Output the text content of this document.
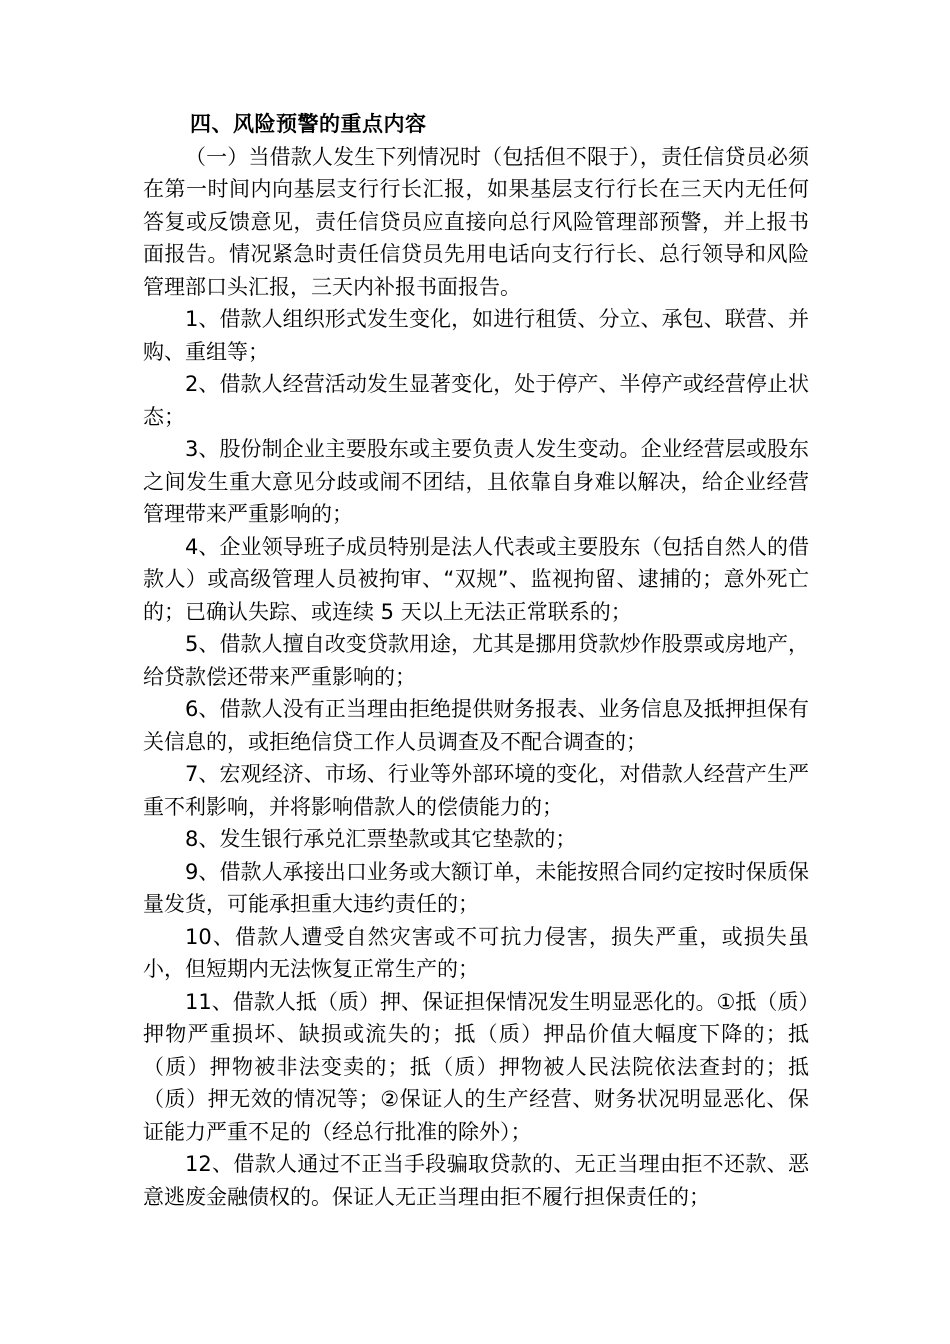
四、风险预警的重点内容

（一）当借款人发生下列情况时（包括但不限于），责任信贷员必须在第一时间内向基层支行行长汇报，如果基层支行行长在三天内无任何答复或反馈意见，责任信贷员应直接向总行风险管理部预警，并上报书面报告。情况紧急时责任信贷员先用电话向支行行长、总行领导和风险管理部口头汇报，三天内补报书面报告。

1、借款人组织形式发生变化，如进行租赁、分立、承包、联营、并购、重组等；

2、借款人经营活动发生显著变化，处于停产、半停产或经营停止状态；

3、股份制企业主要股东或主要负责人发生变动。企业经营层或股东之间发生重大意见分歧或闹不团结，且依靠自身难以解决，给企业经营管理带来严重影响的；

4、企业领导班子成员特别是法人代表或主要股东（包括自然人的借款人）或高级管理人员被拘审、“双规”、监视拘留、逮捕的；意外死亡的；已确认失踪、或连续 5 天以上无法正常联系的；

5、借款人擅自改变贷款用途，尤其是挪用贷款炒作股票或房地产，给贷款偿还带来严重影响的；

6、借款人没有正当理由拒绝提供财务报表、业务信息及抵押担保有关信息的，或拒绝信贷工作人员调查及不配合调查的；

7、宏观经济、市场、行业等外部环境的变化，对借款人经营产生严重不利影响，并将影响借款人的偿债能力的；

8、发生银行承兑汇票垫款或其它垫款的；

9、借款人承接出口业务或大额订单，未能按照合同约定按时保质保量发货，可能承担重大违约责任的；

10、借款人遭受自然灾害或不可抗力侵害，损失严重，或损失虽小，但短期内无法恢复正常生产的；

11、借款人抵（质）押、保证担保情况发生明显恶化的。①抵（质）押物严重损坏、缺损或流失的；抵（质）押品价值大幅度下降的；抵（质）押物被非法变卖的；抵（质）押物被人民法院依法查封的；抵（质）押无效的情况等；②保证人的生产经营、财务状况明显恶化、保证能力严重不足的（经总行批准的除外）；

12、借款人通过不正当手段骗取贷款的、无正当理由拒不还款、恶意逃废金融债权的。保证人无正当理由拒不履行担保责任的；
